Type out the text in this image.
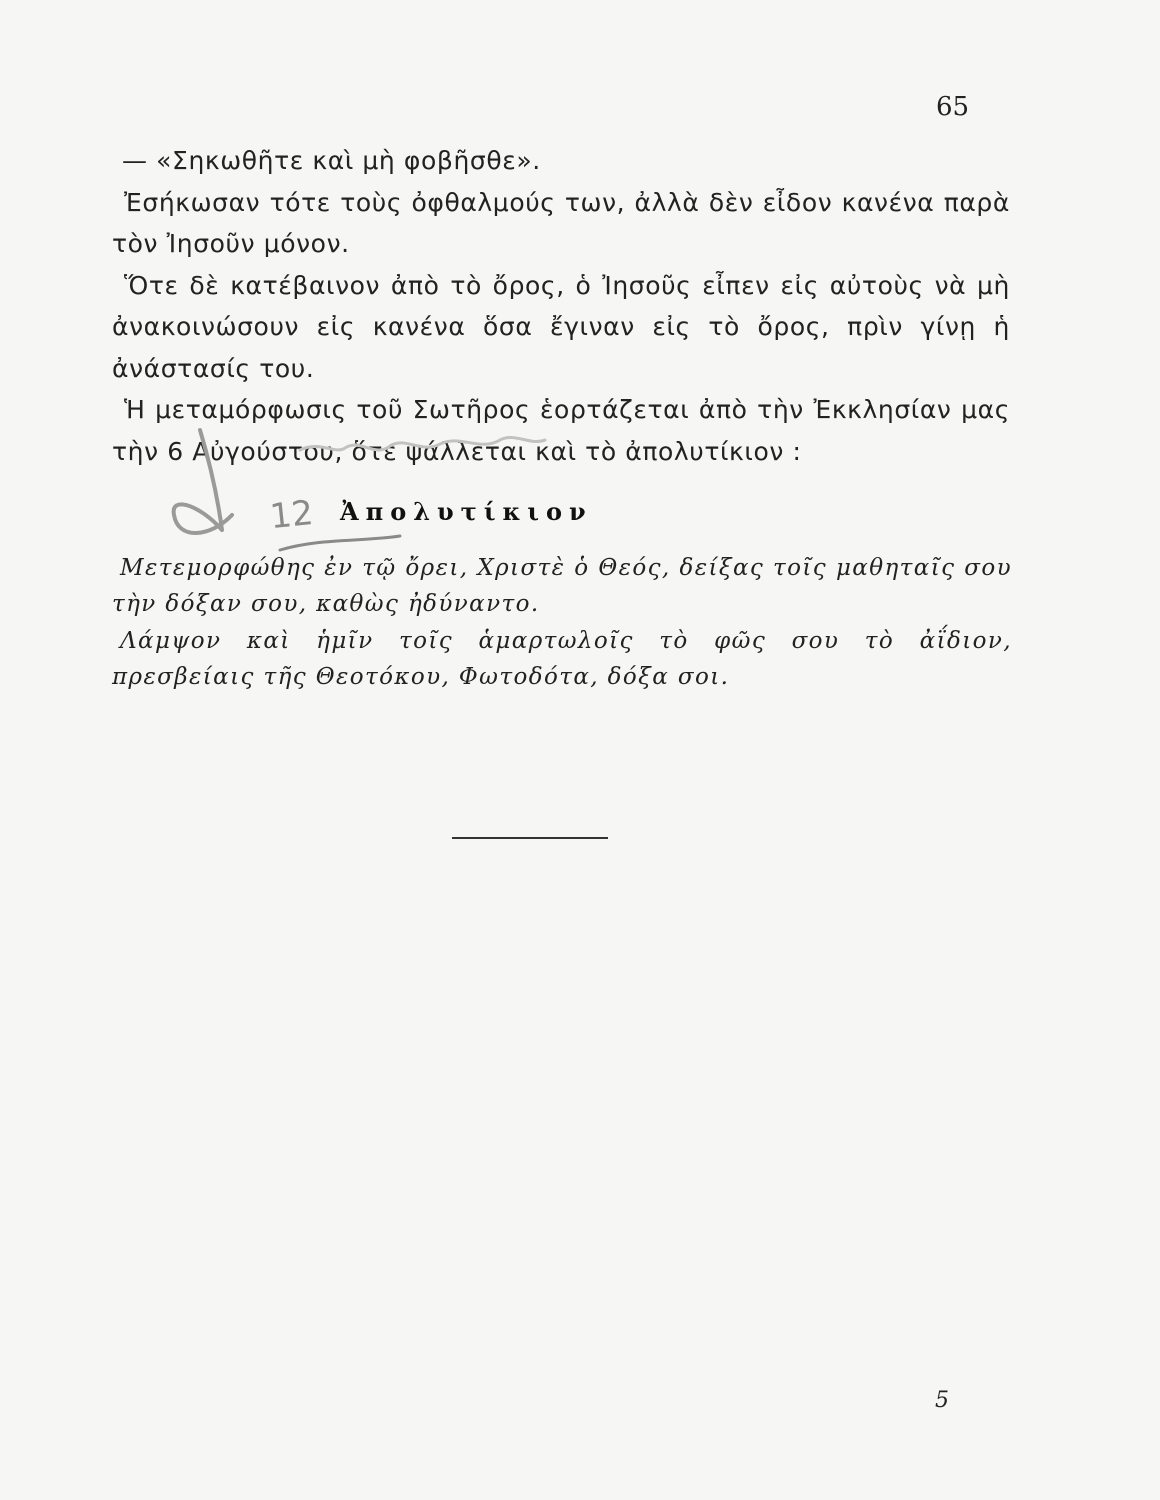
65

— «Σηκωθῆτε καὶ μὴ φοβῆσθε».

Ἐσήκωσαν τότε τοὺς ὀφθαλμούς των, ἀλλὰ δὲν εἶδον κανένα παρὰ τὸν Ἰησοῦν μόνον.

Ὅτε δὲ κατέβαινον ἀπὸ τὸ ὄρος, ὁ Ἰησοῦς εἶπεν εἰς αὐτοὺς νὰ μὴ ἀνακοινώσουν εἰς κανένα ὅσα ἔγιναν εἰς τὸ ὄρος, πρὶν γίνῃ ἡ ἀνάστασίς του.

Ἡ μεταμόρφωσις τοῦ Σωτῆρος ἑορτάζεται ἀπὸ τὴν Ἐκκλησίαν μας τὴν 6 Αὐγούστου, ὅτε ψάλλεται καὶ τὸ ἀπολυτίκιον :

12 Ἀπολυτίκιον

Μετεμορφώθης ἐν τῷ ὄρει, Χριστὲ ὁ Θεός, δείξας τοῖς μαθηταῖς σου τὴν δόξαν σου, καθὼς ἠδύναντο.

Λάμψον καὶ ἡμῖν τοῖς ἁμαρτωλοῖς τὸ φῶς σου τὸ ἀΐδιον, πρεσβείαις τῆς Θεοτόκου, Φωτοδότα, δόξα σοι.

5
